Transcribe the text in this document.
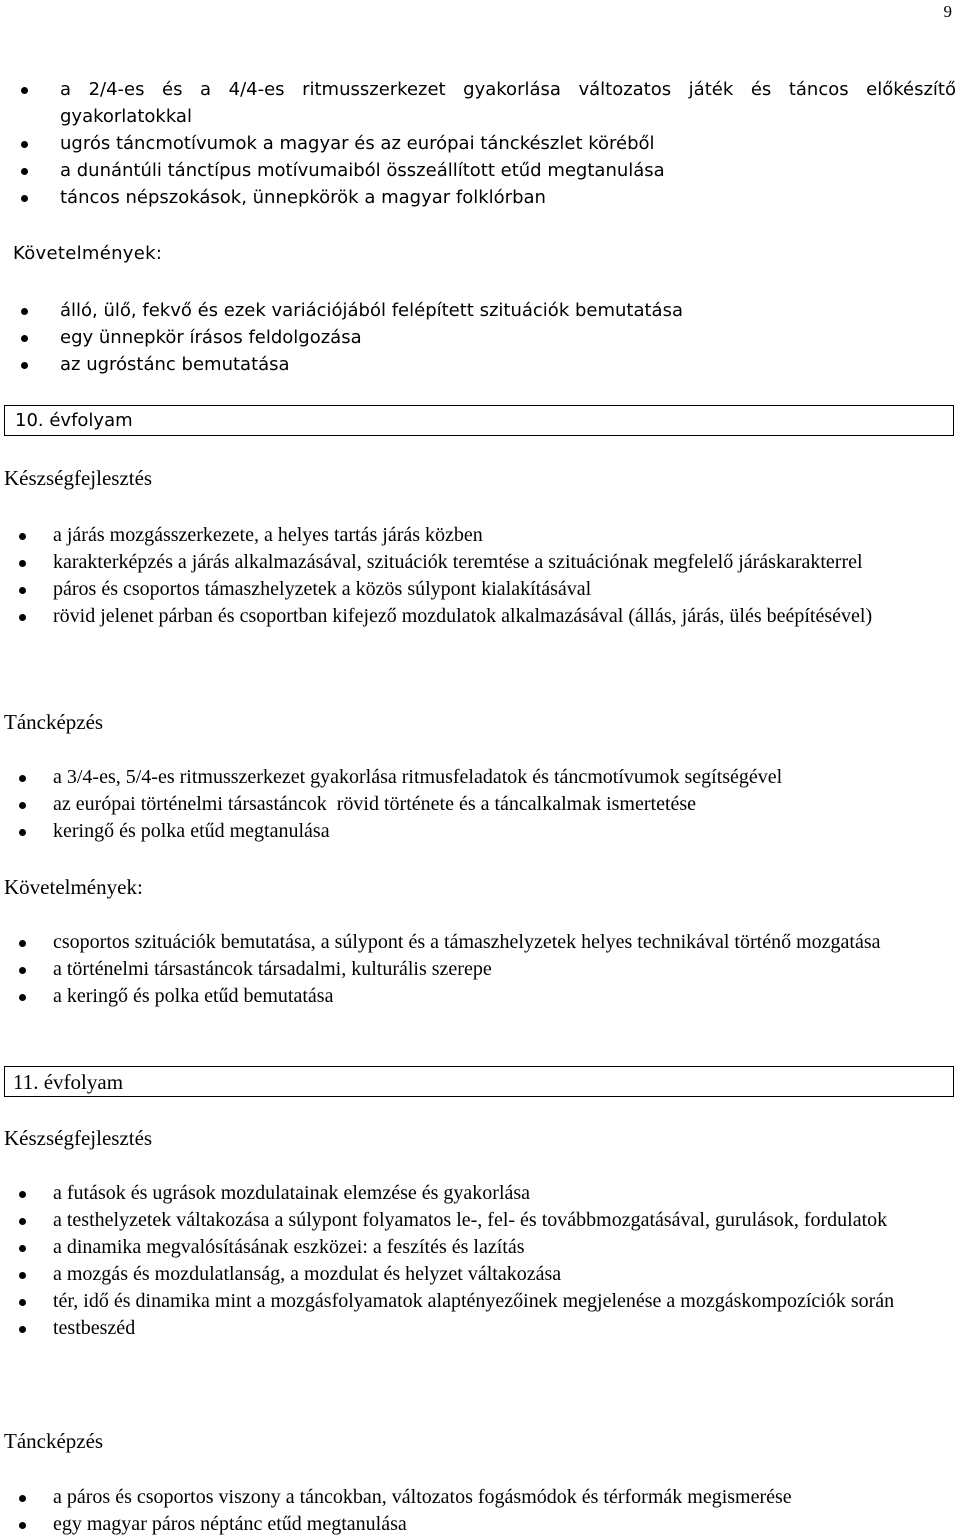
9
a 2/4-es és a 4/4-es ritmusszerkezet gyakorlása változatos játék és táncos előkészítő gyakorlatokkal
ugrós táncmotívumok a magyar és az európai tánckészlet köréből
a dunántúli tánctípus motívumaiból összeállított etűd megtanulása
táncos népszokások, ünnepkörök a magyar folklórban
Követelmények:
álló, ülő, fekvő és ezek variációjából felépített szituációk bemutatása
egy ünnepkör írásos feldolgozása
az ugróstánc bemutatása
10. évfolyam
Készségfejlesztés
a járás mozgásszerkezete, a helyes tartás járás közben
karakterképzés a járás alkalmazásával, szituációk teremtése a szituációnak megfelelő járáskarakterrel
páros és csoportos támaszhelyzetek a közös súlypont kialakításával
rövid jelenet párban és csoportban kifejező mozdulatok alkalmazásával (állás, járás, ülés beépítésével)
Táncképzés
a 3/4-es, 5/4-es ritmusszerkezet gyakorlása ritmusfeladatok és táncmotívumok segítségével
az európai történelmi társastáncok  rövid története és a táncalkalmak ismertetése
keringő és polka etűd megtanulása
Követelmények:
csoportos szituációk bemutatása, a súlypont és a támaszhelyzetek helyes technikával történő mozgatása
a történelmi társastáncok társadalmi, kulturális szerepe
a keringő és polka etűd bemutatása
11. évfolyam
Készségfejlesztés
a futások és ugrások mozdulatainak elemzése és gyakorlása
a testhelyzetek váltakozása a súlypont folyamatos le-, fel- és továbbmozgatásával, gurulások, fordulatok
a dinamika megvalósításának eszközei: a feszítés és lazítás
a mozgás és mozdulatlanság, a mozdulat és helyzet váltakozása
tér, idő és dinamika mint a mozgásfolyamatok alaptényezőinek megjelenése a mozgáskompozíciók során
testbeszéd
Táncképzés
a páros és csoportos viszony a táncokban, változatos fogásmódok és térformák megismerése
egy magyar páros néptánc etűd megtanulása
